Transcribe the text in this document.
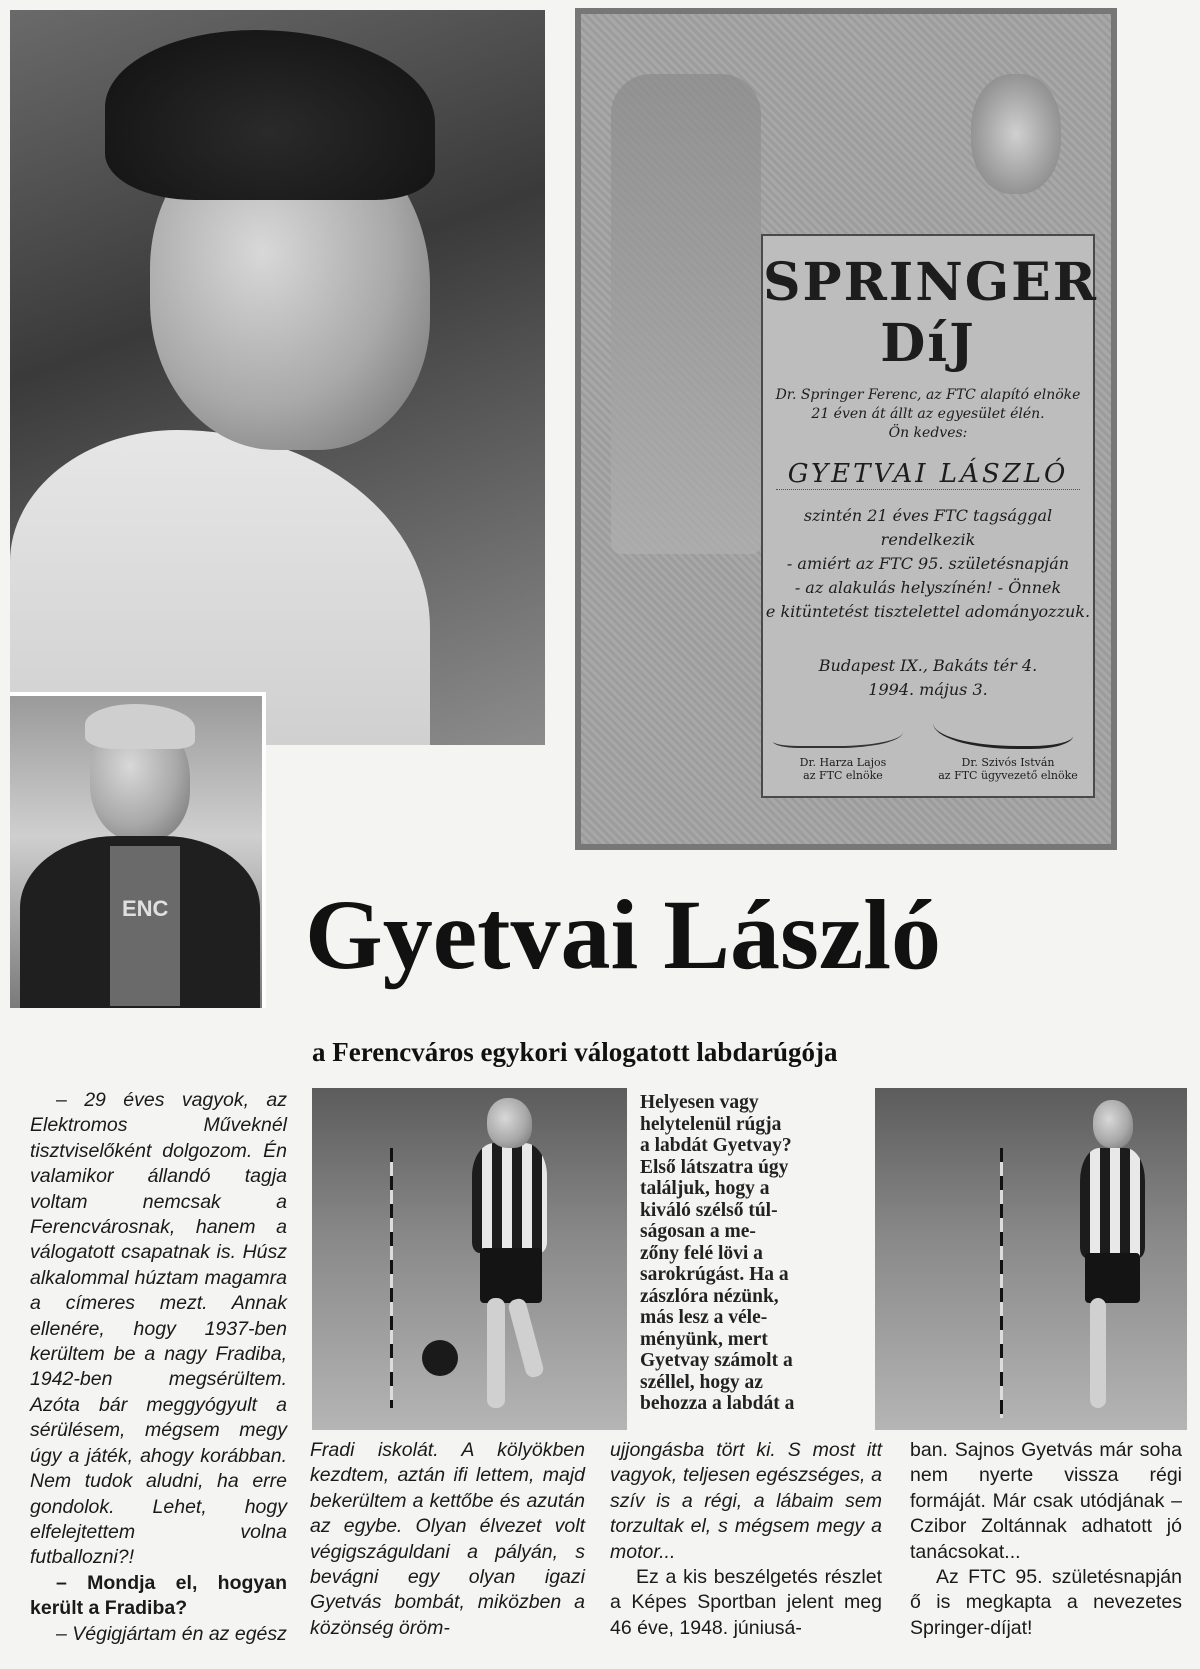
ENC
SPRINGER DíJ
Dr. Springer Ferenc, az FTC alapító elnöke
21 éven át állt az egyesület élén.
Ön kedves:
GYETVAI LÁSZLÓ
szintén 21 éves FTC tagsággal rendelkezik
- amiért az FTC 95. születésnapján
- az alakulás helyszínén! - Önnek
e kitüntetést tisztelettel adományozzuk.
Budapest IX., Bakáts tér 4.
1994. május 3.
Dr. Harza Lajos
az FTC elnöke
Dr. Szivós István
az FTC ügyvezető elnöke
Gyetvai László
a Ferencváros egykori válogatott labdarúgója
Helyesen vagy
helytelenül rúgja
a labdát Gyetvay?
Első látszatra úgy
találjuk, hogy a
kiváló szélső túl-
ságosan a me-
zőny felé lövi a
sarokrúgást. Ha a
zászlóra nézünk,
más lesz a véle-
ményünk, mert
Gyetvay számolt a
széllel, hogy az
behozza a labdát a

– 29 éves vagyok, az Elektromos Műveknél tisztviselőként dolgozom. Én valamikor állandó tagja voltam nemcsak a Ferencvárosnak, hanem a válogatott csapatnak is. Húsz alkalommal húztam magamra a címeres mezt. Annak ellenére, hogy 1937-ben kerültem be a nagy Fradiba, 1942-ben megsérültem. Azóta bár meggyógyult a sérülésem, mégsem megy úgy a játék, ahogy korábban. Nem tudok aludni, ha erre gondolok. Lehet, hogy elfelejtettem volna futballozni?!

– Mondja el, hogyan került a Fradiba?

– Végigjártam én az egész

Fradi iskolát. A kölyökben kezdtem, aztán ifi lettem, majd bekerültem a kettőbe és azután az egybe. Olyan élvezet volt végigszáguldani a pályán, s bevágni egy olyan igazi Gyetvás bombát, miközben a közönség öröm-

ujjongásba tört ki. S most itt vagyok, teljesen egészséges, a szív is a régi, a lábaim sem torzultak el, s mégsem megy a motor...

Ez a kis beszélgetés részlet a Képes Sportban jelent meg 46 éve, 1948. júniusá-

ban. Sajnos Gyetvás már soha nem nyerte vissza régi formáját. Már csak utódjának – Czibor Zoltánnak adhatott jó tanácsokat...

Az FTC 95. születésnapján ő is megkapta a nevezetes Springer-díjat!
